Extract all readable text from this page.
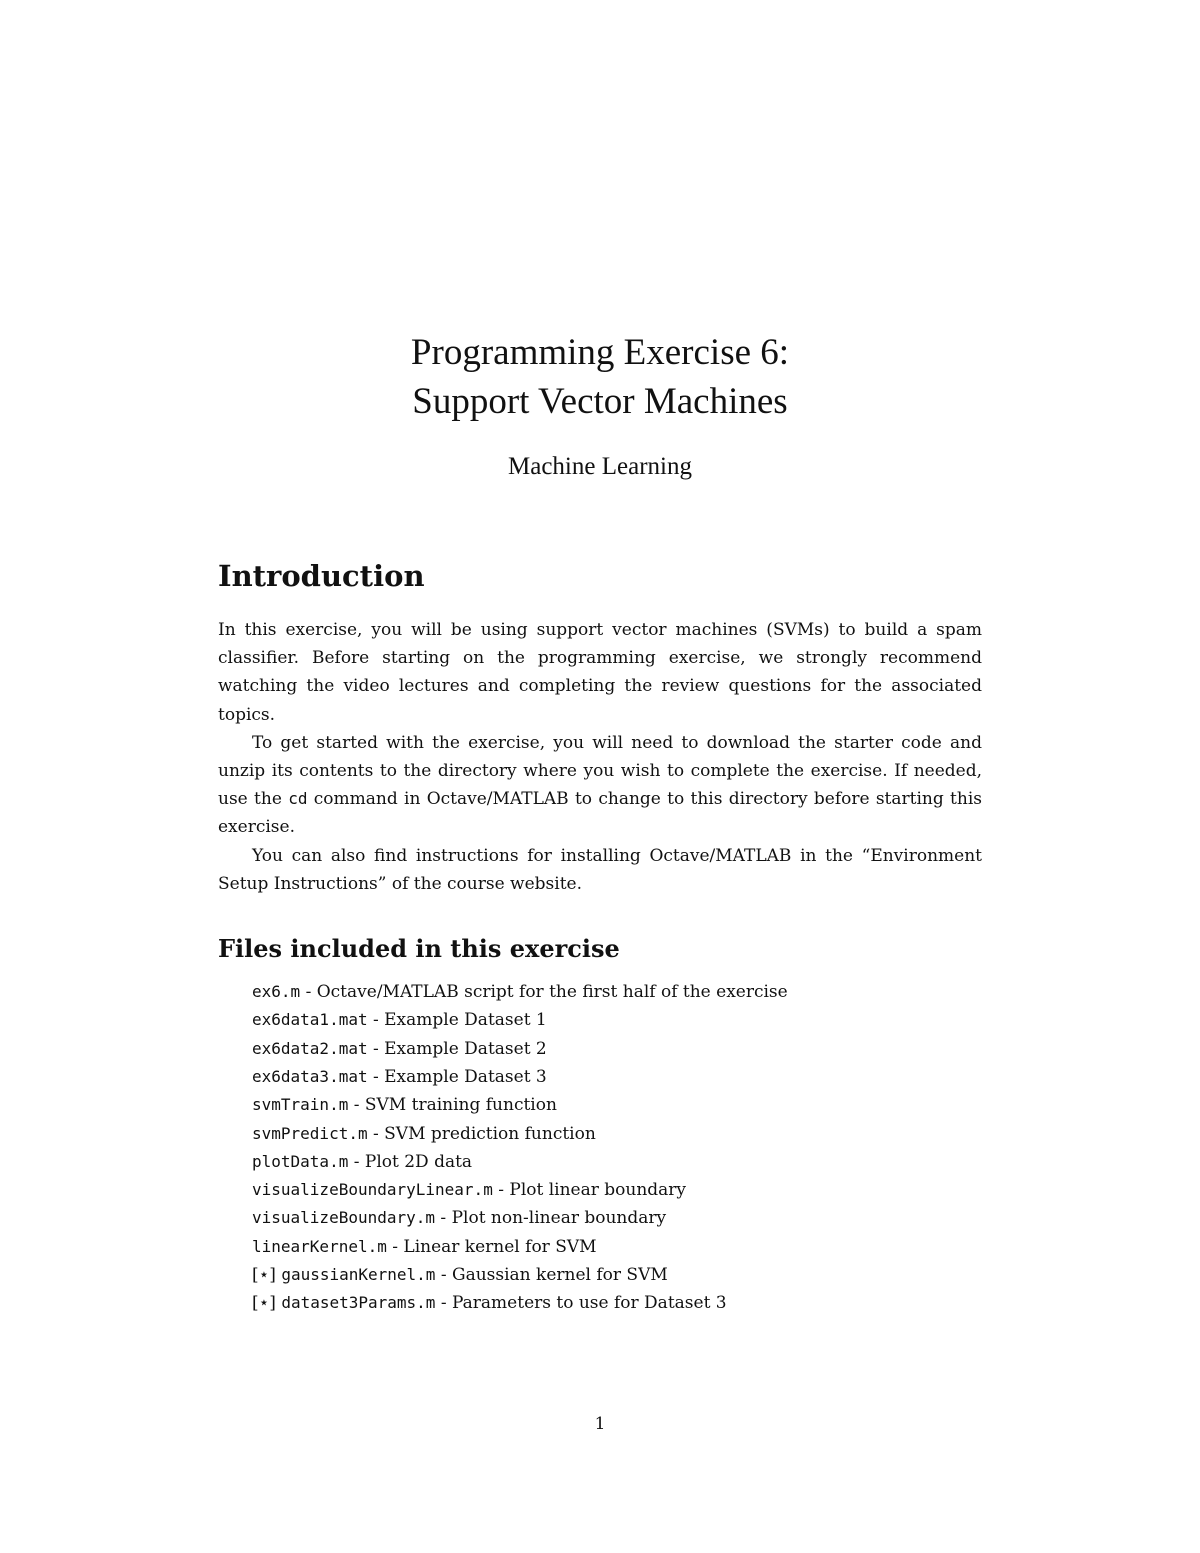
Programming Exercise 6:
Support Vector Machines
Machine Learning
Introduction

In this exercise, you will be using support vector machines (SVMs) to build a spam classifier. Before starting on the programming exercise, we strongly recommend watching the video lectures and completing the review questions for the associated topics.

To get started with the exercise, you will need to download the starter code and unzip its contents to the directory where you wish to complete the exercise. If needed, use the cd command in Octave/MATLAB to change to this directory before starting this exercise.

You can also find instructions for installing Octave/MATLAB in the “Environment Setup Instructions” of the course website.

Files included in this exercise
ex6.m - Octave/MATLAB script for the first half of the exercise
ex6data1.mat - Example Dataset 1
ex6data2.mat - Example Dataset 2
ex6data3.mat - Example Dataset 3
svmTrain.m - SVM training function
svmPredict.m - SVM prediction function
plotData.m - Plot 2D data
visualizeBoundaryLinear.m - Plot linear boundary
visualizeBoundary.m - Plot non-linear boundary
linearKernel.m - Linear kernel for SVM
[⋆] gaussianKernel.m - Gaussian kernel for SVM
[⋆] dataset3Params.m - Parameters to use for Dataset 3
1
